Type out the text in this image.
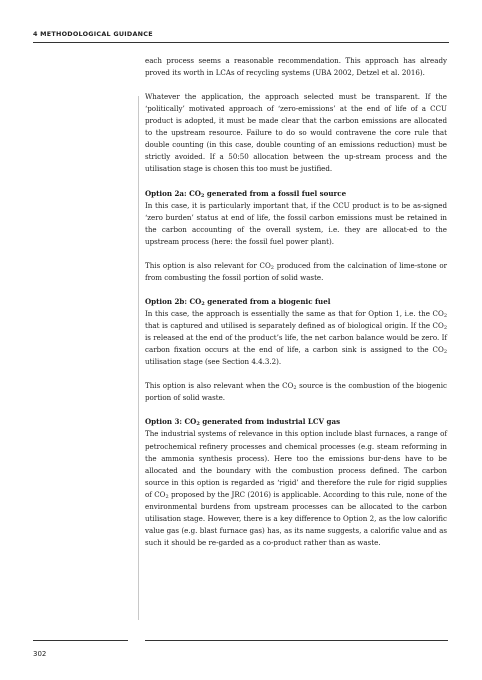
4 METHODOLOGICAL GUIDANCE

each process seems a reasonable recommendation. This approach has already proved its worth in LCAs of recycling systems (UBA 2002, Detzel et al. 2016).

Whatever the application, the approach selected must be transparent. If the ‘politically’ motivated approach of ‘zero-emissions’ at the end of life of a CCU product is adopted, it must be made clear that the carbon emissions are allocated to the upstream resource. Failure to do so would contravene the core rule that double counting (in this case, double counting of an emissions reduction) must be strictly avoided. If a 50:50 allocation between the up-stream process and the utilisation stage is chosen this too must be justified.

Option 2a: $CO_2$ generated from a fossil fuel source

In this case, it is particularly important that, if the CCU product is to be as-signed ‘zero burden’ status at end of life, the fossil carbon emissions must be retained in the carbon accounting of the overall system, i.e. they are allocat-ed to the upstream process (here: the fossil fuel power plant).

This option is also relevant for $CO_2$ produced from the calcination of lime-stone or from combusting the fossil portion of solid waste.

Option 2b: $CO_2$ generated from a biogenic fuel

In this case, the approach is essentially the same as that for Option 1, i.e. the $CO_2$ that is captured and utilised is separately defined as of biological origin. If the $CO_2$ is released at the end of the product’s life, the net carbon balance would be zero. If carbon fixation occurs at the end of life, a carbon sink is assigned to the $CO_2$ utilisation stage (see Section 4.4.3.2).

This option is also relevant when the $CO_2$ source is the combustion of the biogenic portion of solid waste.

Option 3: $CO_2$ generated from industrial LCV gas

The industrial systems of relevance in this option include blast furnaces, a range of petrochemical refinery processes and chemical processes (e.g. steam reforming in the ammonia synthesis process). Here too the emissions bur-dens have to be allocated and the boundary with the combustion process defined. The carbon source in this option is regarded as ‘rigid’ and therefore the rule for rigid supplies of $CO_2$ proposed by the JRC (2016) is applicable. According to this rule, none of the environmental burdens from upstream processes can be allocated to the carbon utilisation stage. However, there is a key difference to Option 2, as the low calorific value gas (e.g. blast furnace gas) has, as its name suggests, a calorific value and as such it should be re-garded as a co-product rather than as waste.

302
